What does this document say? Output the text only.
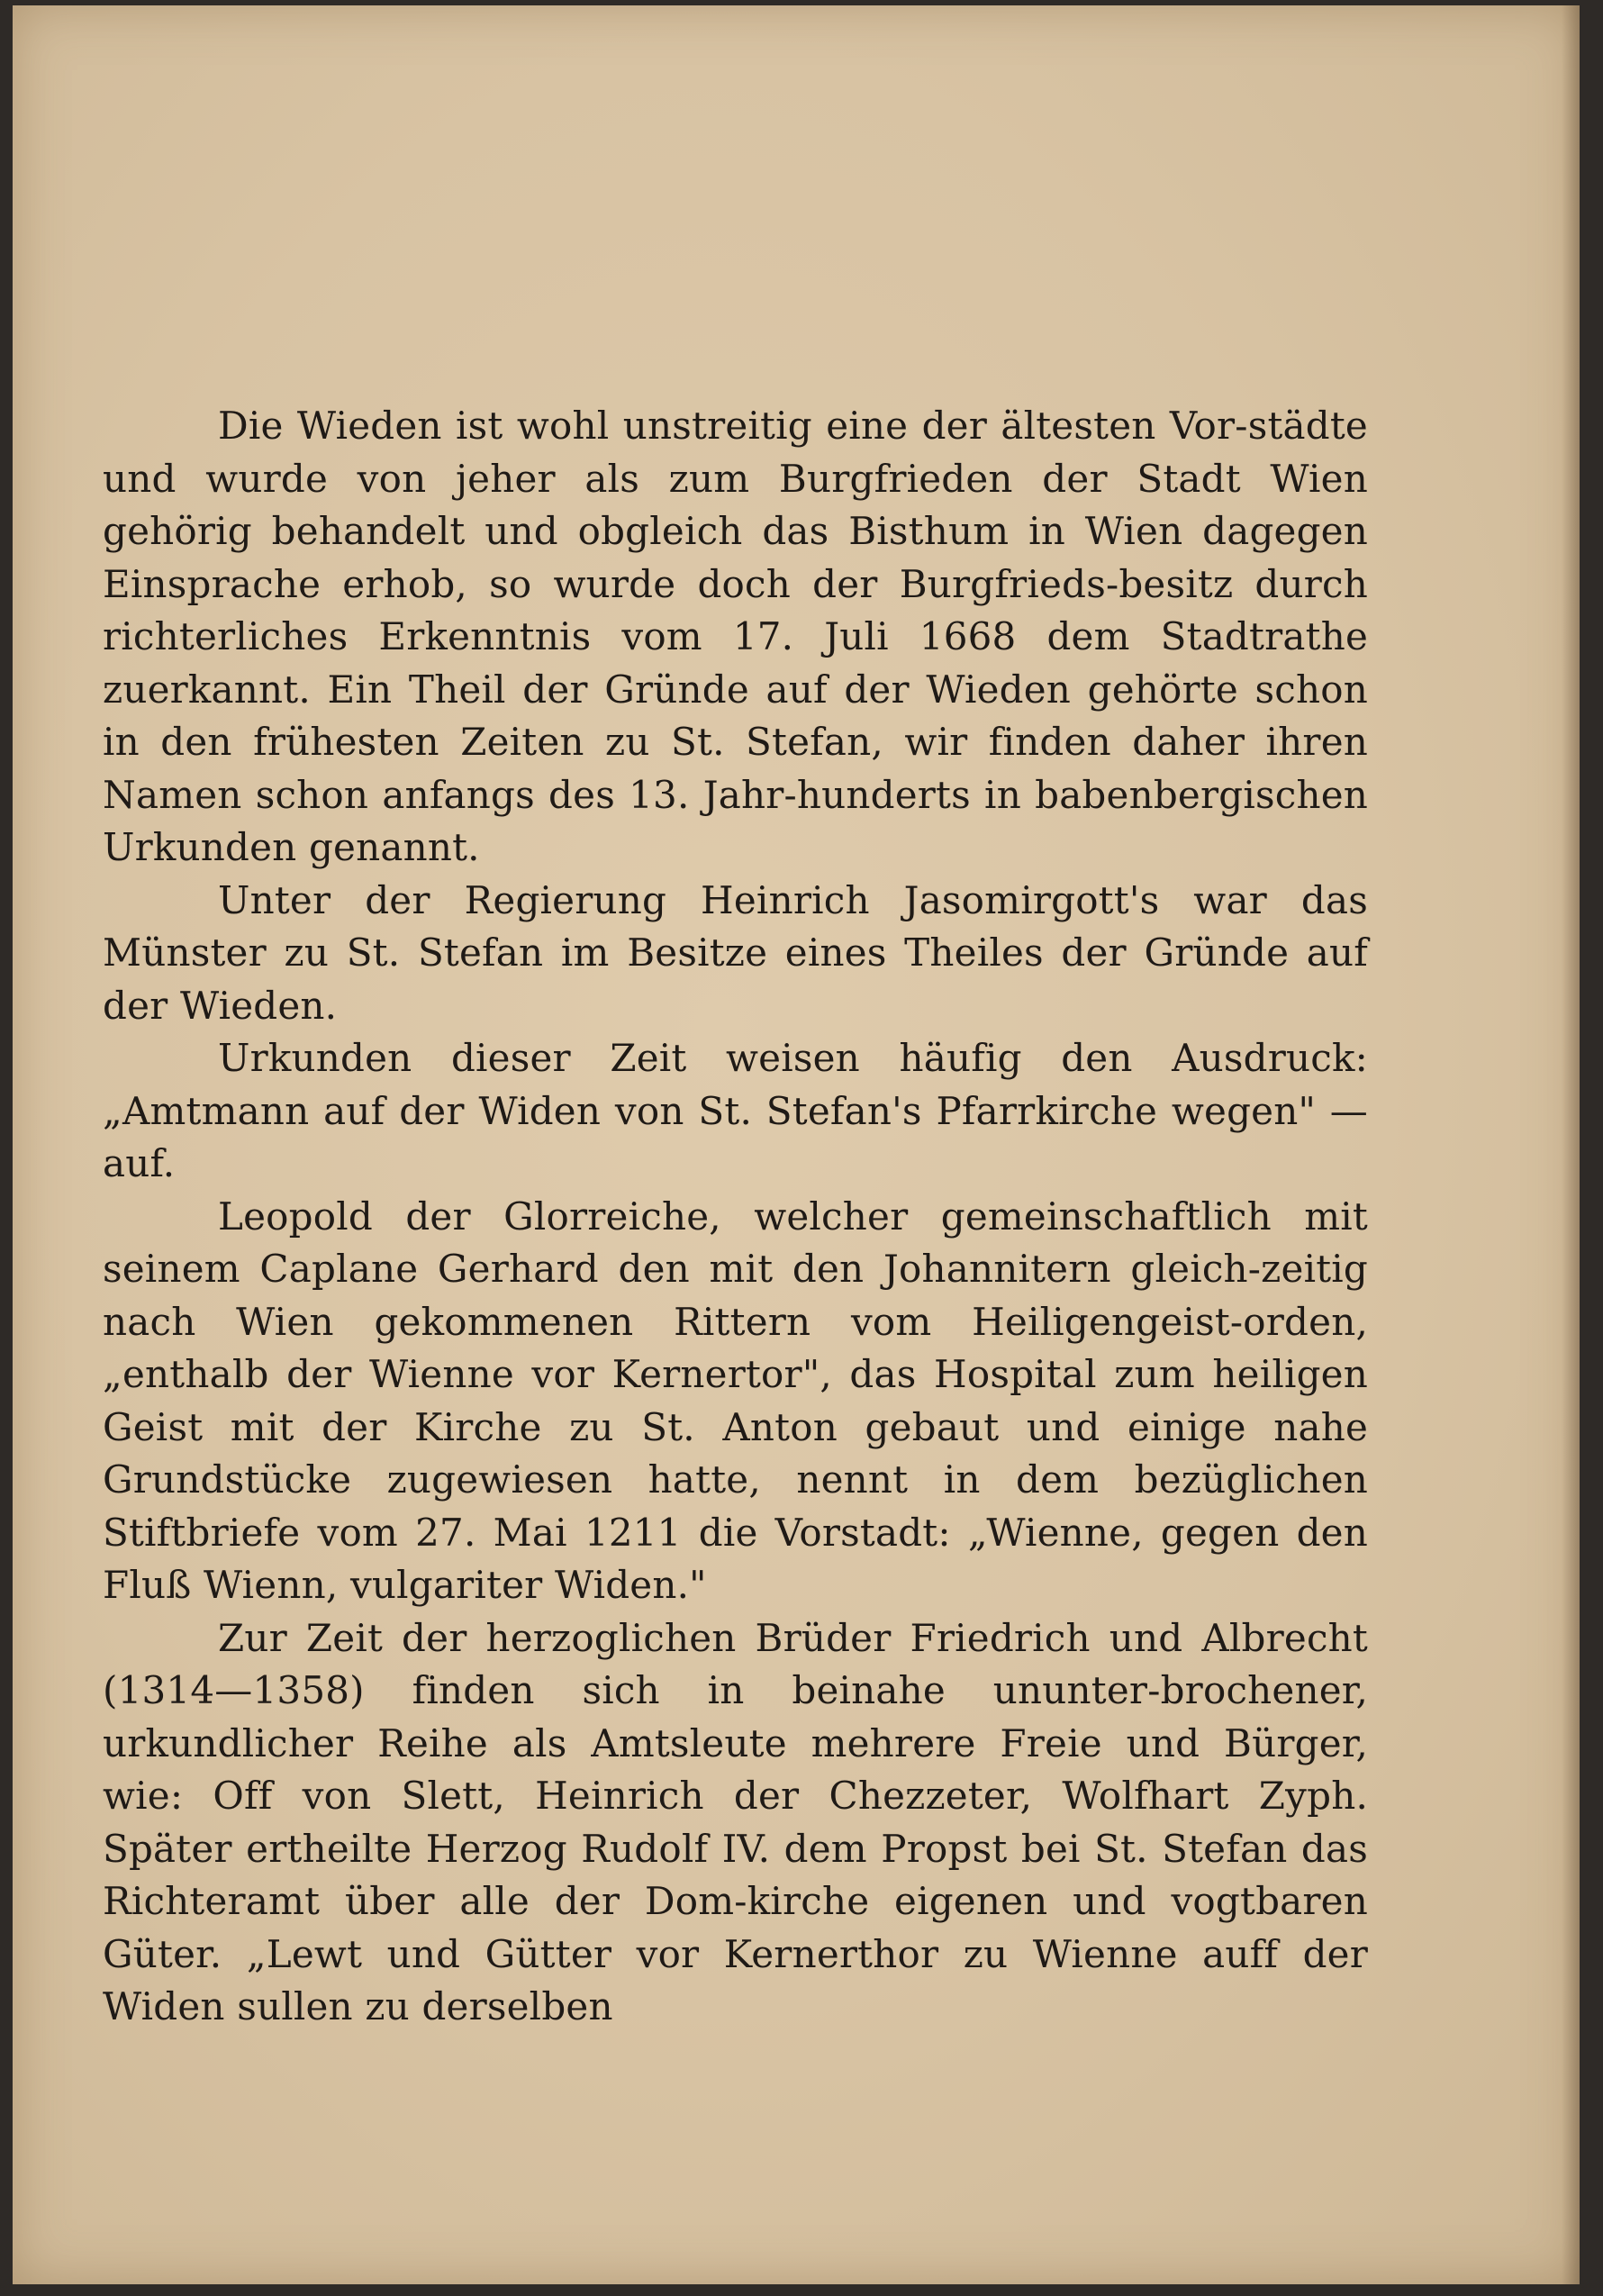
Die Wieden ist wohl unstreitig eine der ältesten Vor-städte und wurde von jeher als zum Burgfrieden der Stadt Wien gehörig behandelt und obgleich das Bisthum in Wien dagegen Einsprache erhob, so wurde doch der Burgfrieds-besitz durch richterliches Erkenntnis vom 17. Juli 1668 dem Stadtrathe zuerkannt. Ein Theil der Gründe auf der Wieden gehörte schon in den frühesten Zeiten zu St. Stefan, wir finden daher ihren Namen schon anfangs des 13. Jahr-hunderts in babenbergischen Urkunden genannt.

Unter der Regierung Heinrich Jasomirgott's war das Münster zu St. Stefan im Besitze eines Theiles der Gründe auf der Wieden.

Urkunden dieser Zeit weisen häufig den Ausdruck: „Amtmann auf der Widen von St. Stefan's Pfarrkirche wegen" — auf.

Leopold der Glorreiche, welcher gemeinschaftlich mit seinem Caplane Gerhard den mit den Johannitern gleich-zeitig nach Wien gekommenen Rittern vom Heiligengeist-orden, „enthalb der Wienne vor Kernertor", das Hospital zum heiligen Geist mit der Kirche zu St. Anton gebaut und einige nahe Grundstücke zugewiesen hatte, nennt in dem bezüglichen Stiftbriefe vom 27. Mai 1211 die Vorstadt: „Wienne, gegen den Fluß Wienn, vulgariter Widen."

Zur Zeit der herzoglichen Brüder Friedrich und Albrecht (1314—1358) finden sich in beinahe ununter-brochener, urkundlicher Reihe als Amtsleute mehrere Freie und Bürger, wie: Off von Slett, Heinrich der Chezzeter, Wolfhart Zyph. Später ertheilte Herzog Rudolf IV. dem Propst bei St. Stefan das Richteramt über alle der Dom-kirche eigenen und vogtbaren Güter. „Lewt und Gütter vor Kernerthor zu Wienne auff der Widen sullen zu derselben
